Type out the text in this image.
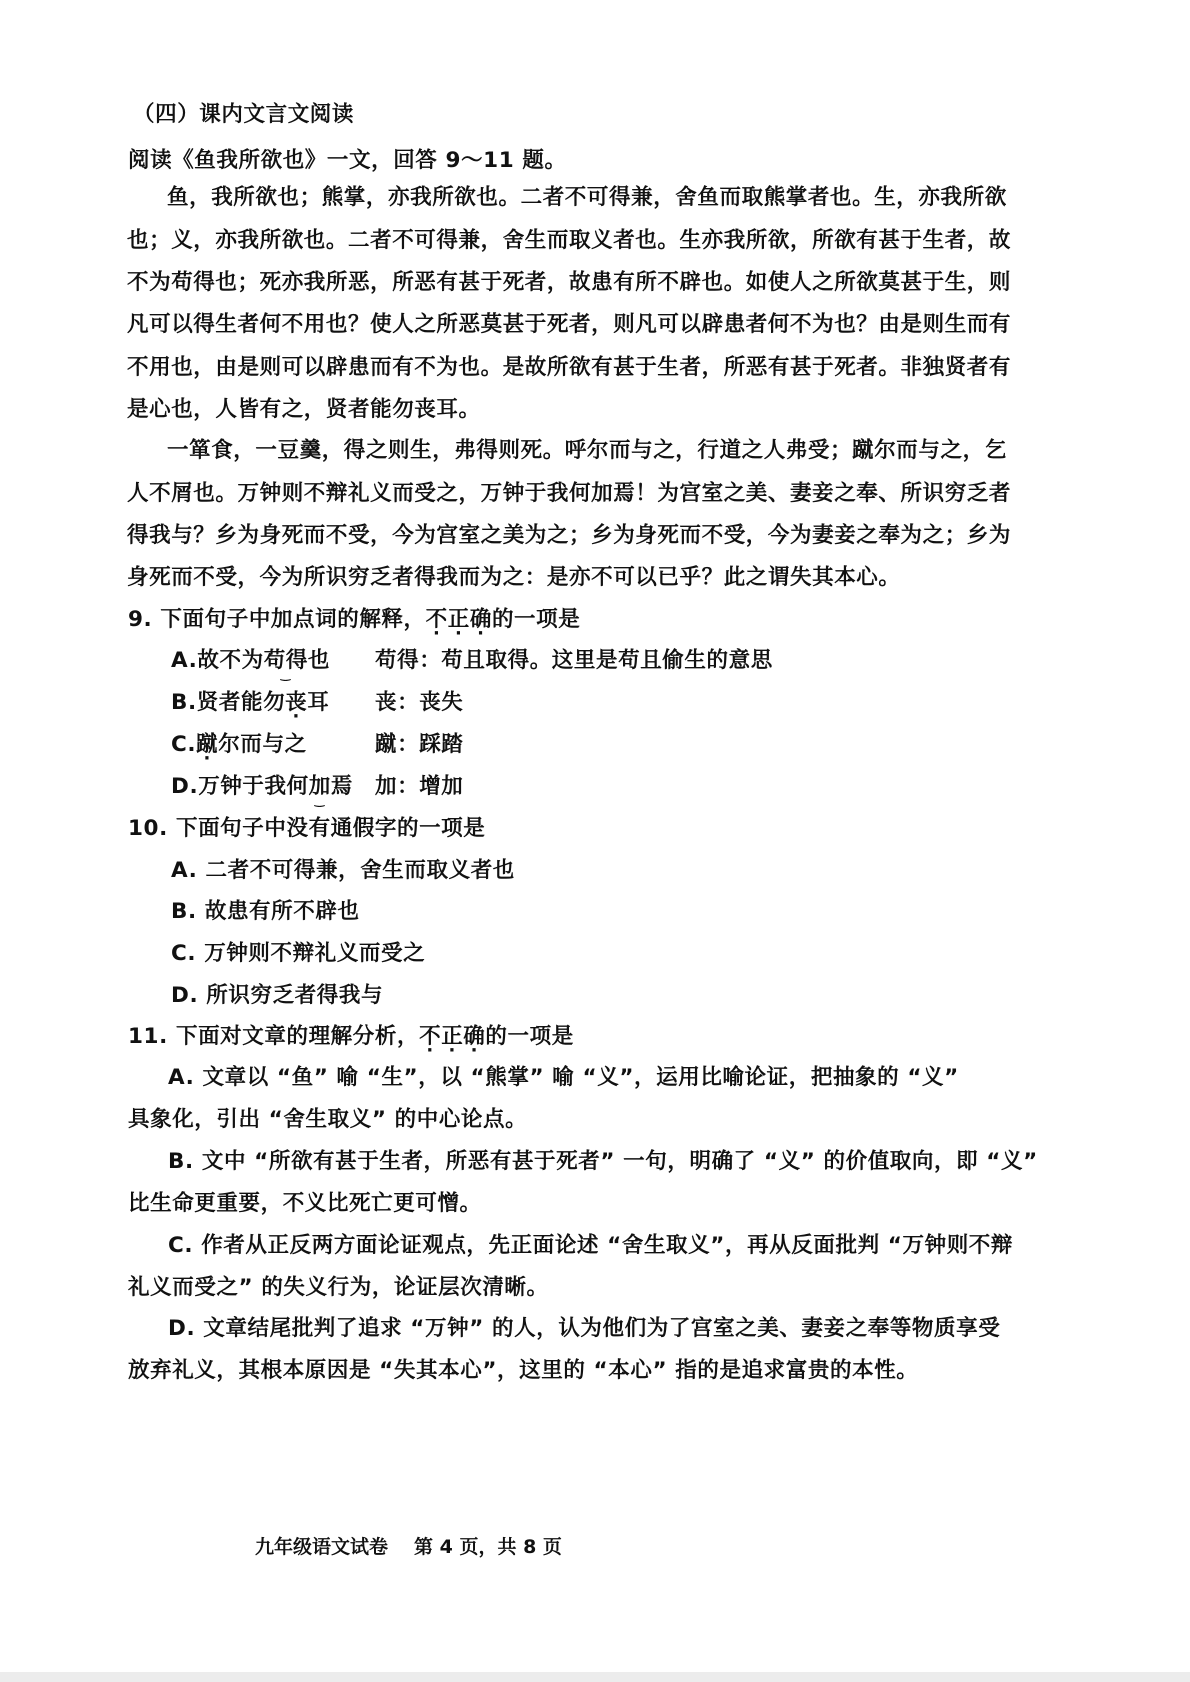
（四）课内文言文阅读
阅读《鱼我所欲也》一文，回答 9～11 题。
鱼，我所欲也；熊掌，亦我所欲也。二者不可得兼，舍鱼而取熊掌者也。生，亦我所欲
也；义，亦我所欲也。二者不可得兼，舍生而取义者也。生亦我所欲，所欲有甚于生者，故
不为苟得也；死亦我所恶，所恶有甚于死者，故患有所不辟也。如使人之所欲莫甚于生，则
凡可以得生者何不用也？使人之所恶莫甚于死者，则凡可以辟患者何不为也？由是则生而有
不用也，由是则可以辟患而有不为也。是故所欲有甚于生者，所恶有甚于死者。非独贤者有
是心也，人皆有之，贤者能勿丧耳。
一箪食，一豆羹，得之则生，弗得则死。呼尔而与之，行道之人弗受；蹴尔而与之，乞
人不屑也。万钟则不辩礼义而受之，万钟于我何加焉！为宫室之美、妻妾之奉、所识穷乏者
得我与？乡为身死而不受，今为宫室之美为之；乡为身死而不受，今为妻妾之奉为之；乡为
身死而不受，今为所识穷乏者得我而为之：是亦不可以已乎？此之谓失其本心。
9. 下面句子中加点词的解释，不正确的一项是
A.故不为苟得 ‿也 苟得：苟且取得。这里是苟且偷生的意思
B.贤者能勿丧耳 丧：丧失
C.蹴尔而与之	蹴：踩踏
D.万钟于我何加 ‿焉 加：增加
10. 下面句子中没有通假字的一项是
A. 二者不可得兼，舍生而取义者也
B. 故患有所不辟也
C. 万钟则不辩礼义而受之
D. 所识穷乏者得我与
11. 下面对文章的理解分析，不正确的一项是
A. 文章以 “鱼” 喻 “生”，以 “熊掌” 喻 “义”，运用比喻论证，把抽象的 “义”
具象化，引出 “舍生取义” 的中心论点。
B. 文中 “所欲有甚于生者，所恶有甚于死者” 一句，明确了 “义” 的价值取向，即 “义”
比生命更重要，不义比死亡更可憎。
C. 作者从正反两方面论证观点，先正面论述 “舍生取义”，再从反面批判 “万钟则不辩
礼义而受之” 的失义行为，论证层次清晰。
D. 文章结尾批判了追求 “万钟” 的人，认为他们为了宫室之美、妻妾之奉等物质享受
放弃礼义，其根本原因是 “失其本心”，这里的 “本心” 指的是追求富贵的本性。
九年级语文试卷 第 4 页，共 8 页
